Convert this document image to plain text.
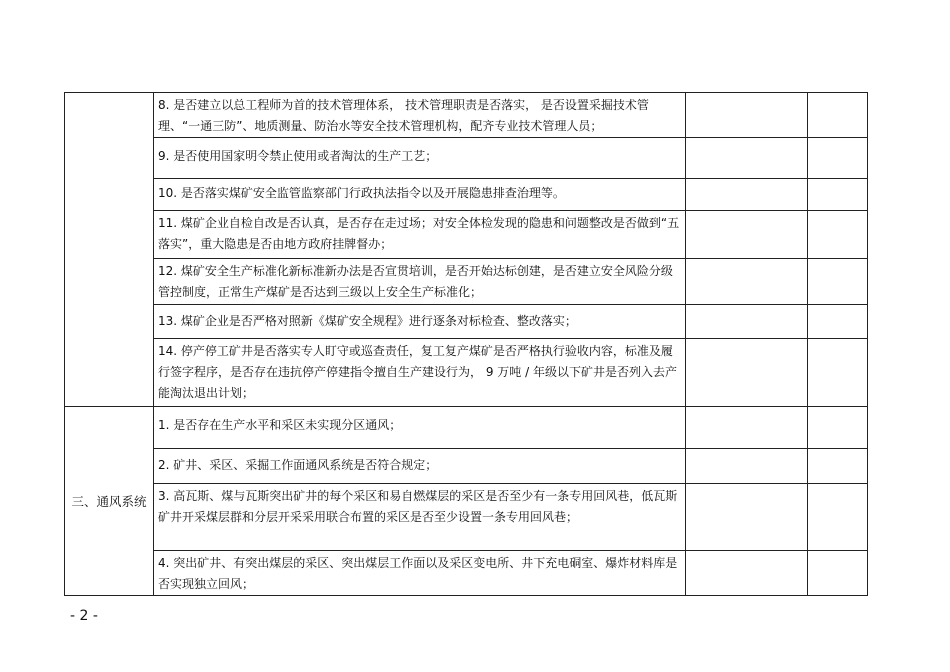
	8. 是否建立以总工程师为首的技术管理体系， 技术管理职责是否落实， 是否设置采掘技术管理、“一通三防”、地质测量、防治水等安全技术管理机构，配齐专业技术管理人员；		
	9. 是否使用国家明令禁止使用或者淘汰的生产工艺；		
	10. 是否落实煤矿安全监管监察部门行政执法指令以及开展隐患排查治理等。		
	11. 煤矿企业自检自改是否认真，是否存在走过场；对安全体检发现的隐患和问题整改是否做到“五落实”，重大隐患是否由地方政府挂牌督办；		
	12. 煤矿安全生产标准化新标准新办法是否宣贯培训，是否开始达标创建，是否建立安全风险分级管控制度，正常生产煤矿是否达到三级以上安全生产标准化；		
	13. 煤矿企业是否严格对照新《煤矿安全规程》进行逐条对标检查、整改落实；		
	14. 停产停工矿井是否落实专人盯守或巡查责任，复工复产煤矿是否严格执行验收内容，标准及履行签字程序，是否存在违抗停产停建指令擅自生产建设行为， 9 万吨 / 年级以下矿井是否列入去产能淘汰退出计划；		
三、通风系统	1. 是否存在生产水平和采区未实现分区通风；		
	2. 矿井、采区、采掘工作面通风系统是否符合规定；		
	3. 高瓦斯、煤与瓦斯突出矿井的每个采区和易自燃煤层的采区是否至少有一条专用回风巷，低瓦斯矿井开采煤层群和分层开采采用联合布置的采区是否至少设置一条专用回风巷；		
	4. 突出矿井、有突出煤层的采区、突出煤层工作面以及采区变电所、井下充电硐室、爆炸材料库是否实现独立回风；		
- 2 -
